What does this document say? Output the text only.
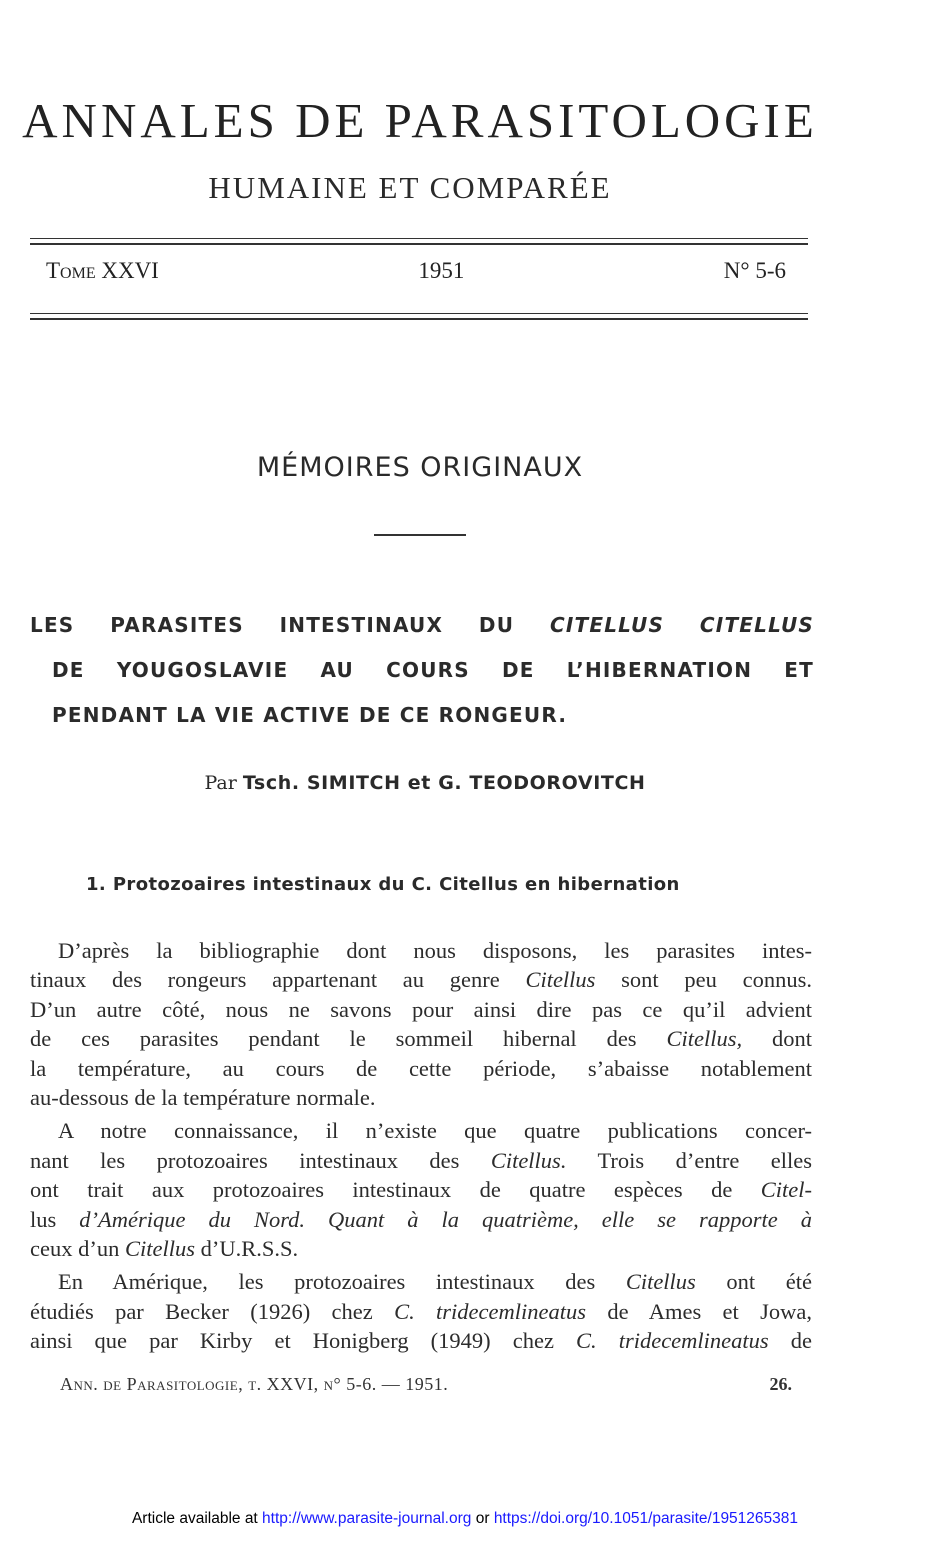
ANNALES DE PARASITOLOGIE
HUMAINE ET COMPARÉE
Tome XXVI	1951	N° 5-6
MÉMOIRES ORIGINAUX
LES PARASITES INTESTINAUX DU CITELLUS CITELLUS
DE YOUGOSLAVIE AU COURS DE L’HIBERNATION ET
PENDANT LA VIE ACTIVE DE CE RONGEUR.
Par Tsch. SIMITCH et G. TEODOROVITCH
1. Protozoaires intestinaux du C. Citellus en hibernation

D’après la bibliographie dont nous disposons, les parasites intes-
tinaux des rongeurs appartenant au genre Citellus sont peu connus.
D’un autre côté, nous ne savons pour ainsi dire pas ce qu’il advient
de ces parasites pendant le sommeil hibernal des Citellus, dont
la température, au cours de cette période, s’abaisse notablement
au-dessous de la température normale.

A notre connaissance, il n’existe que quatre publications concer-
nant les protozoaires intestinaux des Citellus. Trois d’entre elles
ont trait aux protozoaires intestinaux de quatre espèces de Citel-
lus d’Amérique du Nord. Quant à la quatrième, elle se rapporte à
ceux d’un Citellus d’U.R.S.S.

En Amérique, les protozoaires intestinaux des Citellus ont été
étudiés par Becker (1926) chez C. tridecemlineatus de Ames et Jowa,
ainsi que par Kirby et Honigberg (1949) chez C. tridecemlineatus de

Ann. de Parasitologie, t. XXVI, n° 5-6. — 1951.	26.
Article available at http://www.parasite-journal.org or https://doi.org/10.1051/parasite/1951265381
